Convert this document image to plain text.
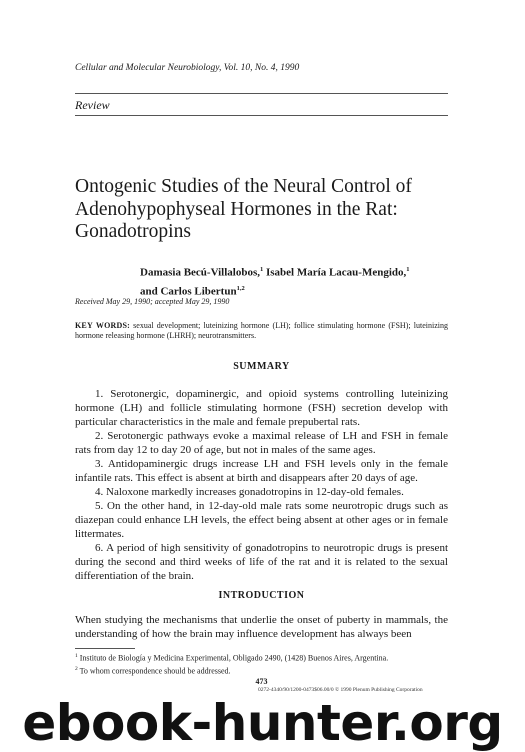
Cellular and Molecular Neurobiology, Vol. 10, No. 4, 1990
Review
Ontogenic Studies of the Neural Control of Adenohypophyseal Hormones in the Rat: Gonadotropins
Damasia Becú-Villalobos,$^1$ Isabel María Lacau-Mengido,$^1$
and Carlos Libertun$^{1,2}$
Received May 29, 1990; accepted May 29, 1990
KEY WORDS: sexual development; luteinizing hormone (LH); follice stimulating hormone (FSH); luteinizing hormone releasing hormone (LHRH); neurotransmitters.
SUMMARY

1. Serotonergic, dopaminergic, and opioid systems controlling luteinizing hormone (LH) and follicle stimulating hormone (FSH) secretion develop with particular characteristics in the male and female prepubertal rats.

2. Serotonergic pathways evoke a maximal release of LH and FSH in female rats from day 12 to day 20 of age, but not in males of the same ages.

3. Antidopaminergic drugs increase LH and FSH levels only in the female infantile rats. This effect is absent at birth and disappears after 20 days of age.

4. Naloxone markedly increases gonadotropins in 12-day-old females.

5. On the other hand, in 12-day-old male rats some neurotropic drugs such as diazepan could enhance LH levels, the effect being absent at other ages or in female littermates.

6. A period of high sensitivity of gonadotropins to neurotropic drugs is present during the second and third weeks of life of the rat and it is related to the sexual differentiation of the brain.

INTRODUCTION
When studying the mechanisms that underlie the onset of puberty in mammals, the understanding of how the brain may influence development has always been
$^1$ Instituto de Biología y Medicina Experimental, Obligado 2490, (1428) Buenos Aires, Argentina.
$^2$ To whom correspondence should be addressed.
473
0272-4340/90/1200-0473$06.00/0 © 1990 Plenum Publishing Corporation
ebook-hunter.org
